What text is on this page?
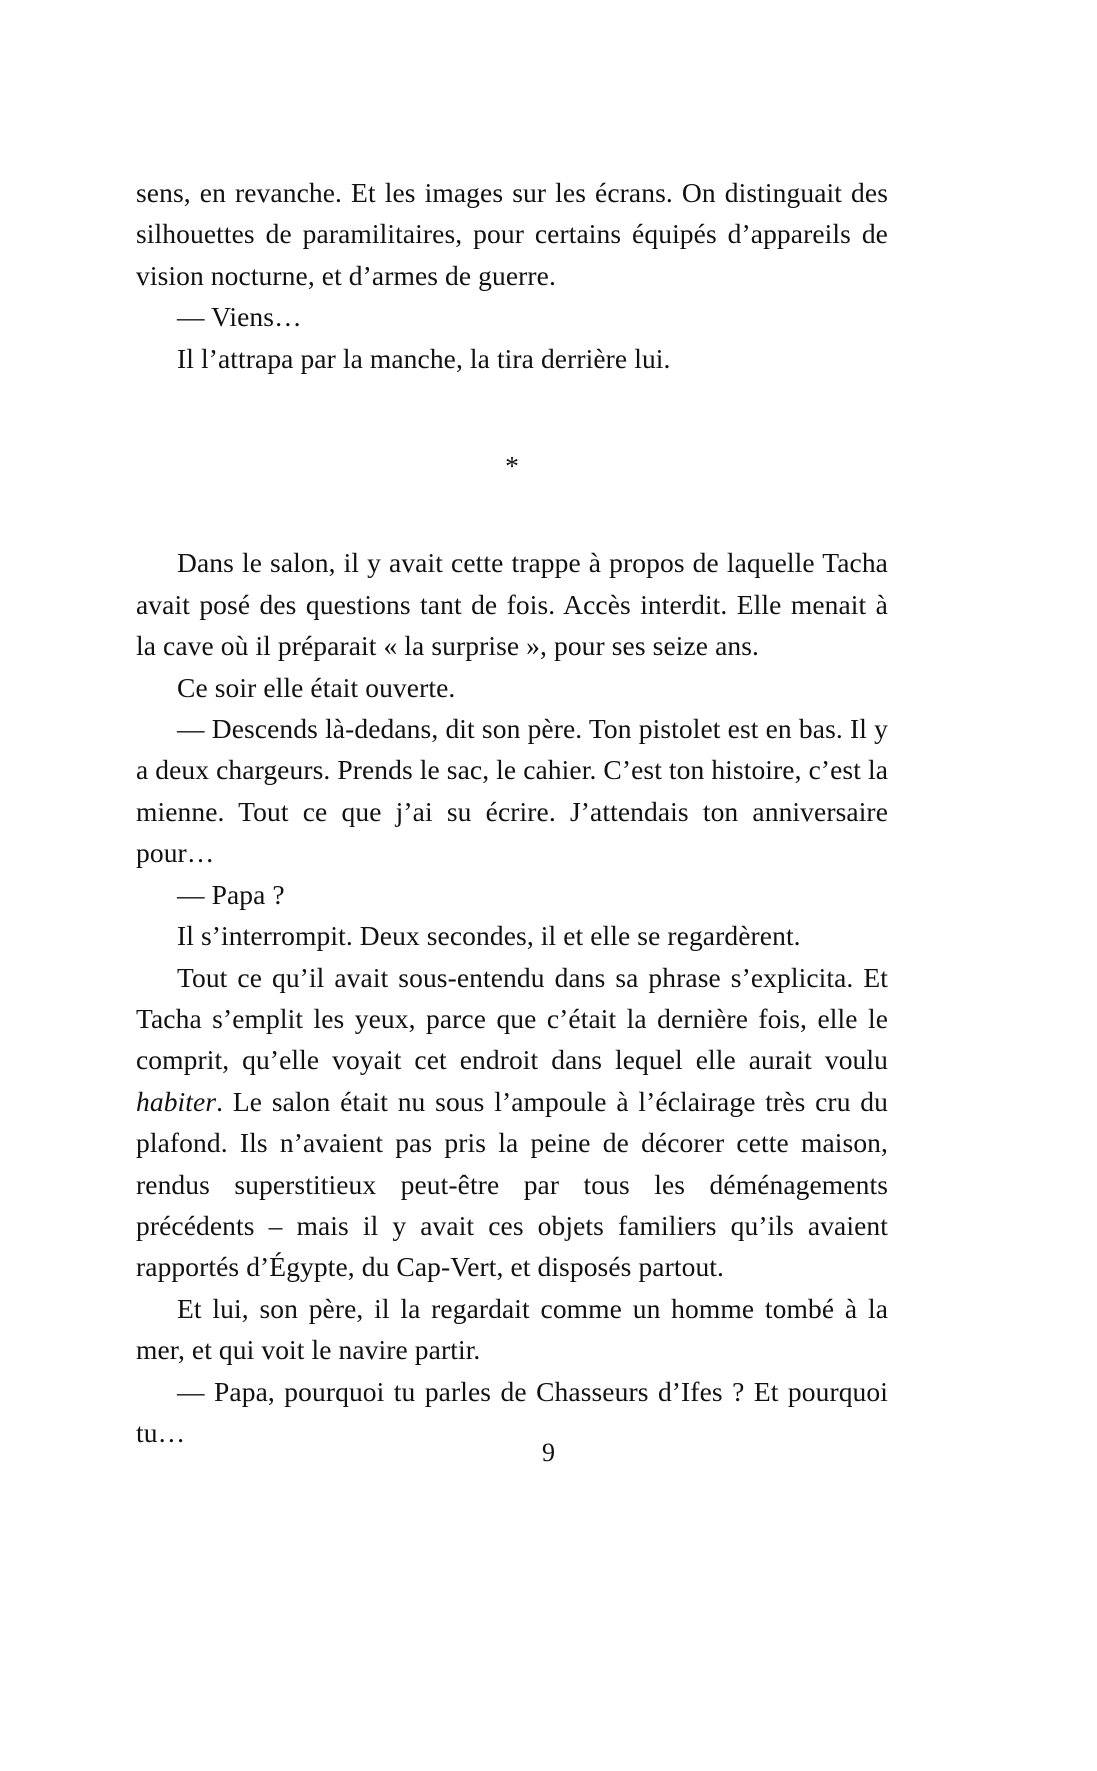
sens, en revanche. Et les images sur les écrans. On distinguait des silhouettes de paramilitaires, pour certains équipés d’appareils de vision nocturne, et d’armes de guerre.

— Viens…

Il l’attrapa par la manche, la tira derrière lui.

*

Dans le salon, il y avait cette trappe à propos de laquelle Tacha avait posé des questions tant de fois. Accès interdit. Elle menait à la cave où il préparait « la surprise », pour ses seize ans.

Ce soir elle était ouverte.

— Descends là-dedans, dit son père. Ton pistolet est en bas. Il y a deux chargeurs. Prends le sac, le cahier. C’est ton histoire, c’est la mienne. Tout ce que j’ai su écrire. J’attendais ton anniversaire pour…

— Papa ?

Il s’interrompit. Deux secondes, il et elle se regardèrent.

Tout ce qu’il avait sous-entendu dans sa phrase s’explicita. Et Tacha s’emplit les yeux, parce que c’était la dernière fois, elle le comprit, qu’elle voyait cet endroit dans lequel elle aurait voulu habiter. Le salon était nu sous l’ampoule à l’éclairage très cru du plafond. Ils n’avaient pas pris la peine de décorer cette maison, rendus superstitieux peut-être par tous les déménagements précédents – mais il y avait ces objets familiers qu’ils avaient rapportés d’Égypte, du Cap-Vert, et disposés partout.

Et lui, son père, il la regardait comme un homme tombé à la mer, et qui voit le navire partir.

— Papa, pourquoi tu parles de Chasseurs d’Ifes ? Et pourquoi tu…

9
